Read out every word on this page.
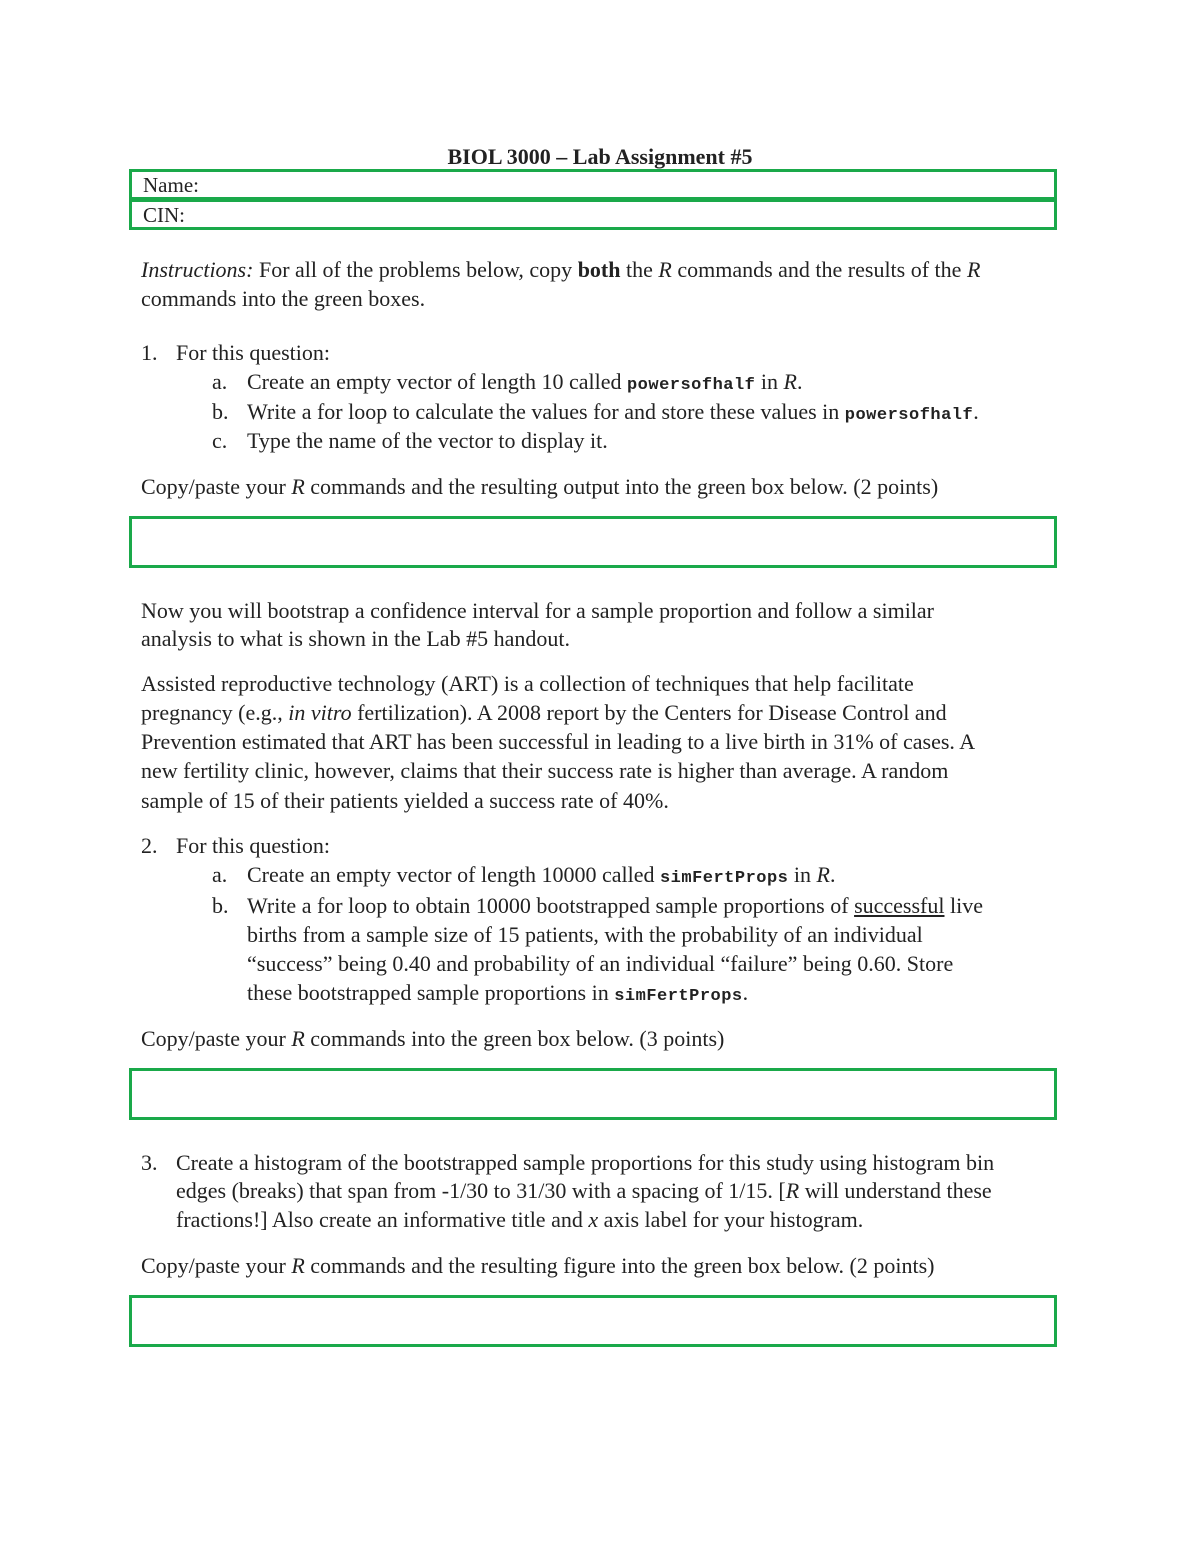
BIOL 3000 – Lab Assignment #5
Name:
CIN:
Instructions: For all of the problems below, copy both the R commands and the results of the R
commands into the green boxes.
1. For this question:
a. Create an empty vector of length 10 called powersofhalf in R.
b. Write a for loop to calculate the values for and store these values in powersofhalf.
c. Type the name of the vector to display it.
Copy/paste your R commands and the resulting output into the green box below. (2 points)
Now you will bootstrap a confidence interval for a sample proportion and follow a similar
analysis to what is shown in the Lab #5 handout.
Assisted reproductive technology (ART) is a collection of techniques that help facilitate
pregnancy (e.g., in vitro fertilization). A 2008 report by the Centers for Disease Control and
Prevention estimated that ART has been successful in leading to a live birth in 31% of cases. A
new fertility clinic, however, claims that their success rate is higher than average. A random
sample of 15 of their patients yielded a success rate of 40%.
2. For this question:
a. Create an empty vector of length 10000 called simFertProps in R.
b. Write a for loop to obtain 10000 bootstrapped sample proportions of successful live
births from a sample size of 15 patients, with the probability of an individual
“success” being 0.40 and probability of an individual “failure” being 0.60. Store
these bootstrapped sample proportions in simFertProps.
Copy/paste your R commands into the green box below. (3 points)
3. Create a histogram of the bootstrapped sample proportions for this study using histogram bin
edges (breaks) that span from -1/30 to 31/30 with a spacing of 1/15. [R will understand these
fractions!] Also create an informative title and x axis label for your histogram.
Copy/paste your R commands and the resulting figure into the green box below. (2 points)
